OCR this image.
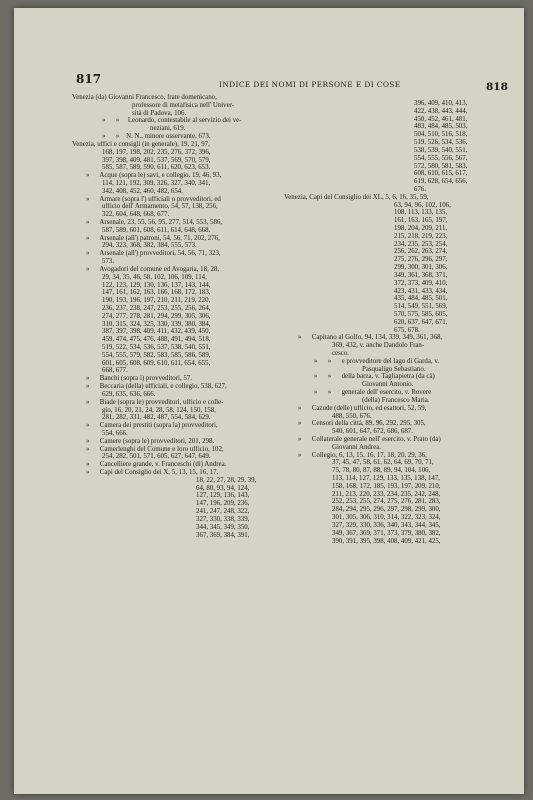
817	INDICE DEI NOMI DI PERSONE E DI COSE	818
Venezia (da) Giovanni Francesco, frate domenicano,
professore di metafisica nell' Univer-
sità di Padova, 106.
»      »     Leonardo, contestabile al servizio dei ve-
neziani, 619.
»      »    N. N., minore osservante, 673.
Venezia, uffici e consigli (in generale), 19, 21, 97,
168, 197, 198, 202, 235, 276, 372, 396,
397, 398, 409, 481, 537, 569, 570, 579,
585, 587, 589, 590, 611, 620, 623, 653.
»      Acque (sopra le) savi, e collegio, 19, 46, 93,
114, 121, 192, 309, 326, 327, 340, 341,
342, 408, 452, 460, 482, 654.
»      Armare (sopra l') ufficiali o provveditori, ed
ufficio dell' Armamento, 54, 57, 138, 256,
322, 604, 648, 668, 677.
»      Arsenale, 23, 55, 56, 95, 277, 514, 553, 586,
587, 589, 601, 608, 611, 614, 648, 668.
»      Arsenale (all') patroni, 54, 56, 71, 202, 276,
294, 323, 368, 382, 384, 555, 573.
»      Arsenale (all') provveditori, 54, 56, 71, 323,
573.
»      Avogadori del comune ed Avogaria, 18, 28,
29, 34, 35, 46, 58, 102, 106, 109, 114,
122, 123, 129, 130, 136, 137, 143, 144,
147, 161, 162, 163, 166, 168, 172, 183,
190, 193, 196, 197, 210, 211, 219, 220,
236, 237, 238, 247, 253, 255, 256, 264,
274, 277, 278, 281, 294, 299, 305, 306,
310, 315, 324, 325, 330, 339, 380, 384,
387, 397, 398, 409, 411, 432, 439, 450,
459, 474, 475, 476, 488, 491, 494, 518,
519, 522, 534, 536, 537, 538, 540, 551,
554, 555, 579, 582, 583, 585, 586, 589,
601, 605, 608, 609, 610, 611, 654, 655,
668, 677.
»      Banchi (sopra i) provveditori, 57.
»      Beccaria (della) ufficiali, e collegio, 538, 627,
629, 635, 636, 666.
»      Biade (sopra le) provveditori, ufficio e colle-
gio, 16, 20, 21, 24, 28, 58, 124, 150, 158,
281, 282, 331, 482, 487, 554, 584, 629.
»      Camera dei prestiti (sopra la) provveditori,
554, 666.
»      Camere (sopra le) provveditori, 201, 298.
»      Camerlenghi del Comune e loro ufficio, 102,
254, 282, 501, 571, 605, 627, 647, 649.
»      Cancelliere grande, v. Franceschi (di) Andrea.
»      Capi del Consiglio dei X, 5, 13, 15, 16, 17,
18, 22, 27, 28, 29, 39,
64, 80, 93, 94, 124,
127, 129, 136, 143,
147, 196, 209, 236,
241, 247, 248, 322,
327, 330, 338, 339,
344, 345, 349, 350,
367, 369, 384, 391,
396, 409, 410, 413,
422, 438, 443, 444,
450, 452, 461, 481,
483, 484, 485, 503,
504, 510, 516, 518,
519, 526, 534, 536,
538, 539, 540, 551,
554, 555, 556, 567,
572, 580, 581, 583,
608, 610, 615, 617,
619, 628, 654, 656,
676.
Venezia, Capi del Consiglio dei XL, 5, 6, 16, 35, 59,
63, 94, 96, 102, 106,
108, 113, 133, 135,
161, 163, 165, 197,
198, 204, 209, 211,
215, 218, 219, 223,
234, 235, 253, 254,
256, 262, 263, 274,
275, 276, 296, 297,
299, 300, 301, 306,
349, 361, 368, 371,
372, 373, 409, 410,
423, 431, 433, 434,
435, 484, 485, 501,
514, 549, 551, 569,
570, 575, 585, 605,
620, 637, 647, 671,
675, 678.
»      Capitano al Golfo, 94, 134, 339, 349, 361, 368,
369, 432, v. anche Dandolo Fran-
cesco.
»      »      e provveditore del lago di Garda, v.
Pasqualigo Sebastiano.
»      »      della barza, v. Tagliapietra (da cà)
Giovanni Antonio.
»      »      generale dell' esercito, v. Rovere
(della) Francesco Maria.
»      Cazude (delle) ufficio, ed esattori, 52, 59,
488, 550, 676.
»      Censori della città, 89, 96, 292, 295, 305,
540, 601, 647, 672, 686, 687.
»      Collaterale generale nell' esercito, v. Prato (da)
Giovanni Andrea.
»      Collegio, 6, 13, 15, 16, 17, 18, 20, 29, 36,
37, 45, 47, 58, 61, 62, 64, 69, 70, 71,
75, 78, 80, 87, 88, 89, 94, 104, 106,
113, 114, 127, 129, 133, 135, 138, 147,
158, 168, 172, 185, 193, 197, 209, 210,
211, 213, 220, 233, 234, 235, 242, 248,
252, 253, 255, 274, 275, 276, 281, 283,
284, 294, 295, 296, 297, 298, 299, 300,
301, 305, 306, 310, 314, 322, 323, 324,
327, 329, 330, 336, 340, 343, 344, 345,
349, 367, 369, 371, 373, 379, 380, 382,
390, 391, 395, 398, 408, 409, 421, 425,
